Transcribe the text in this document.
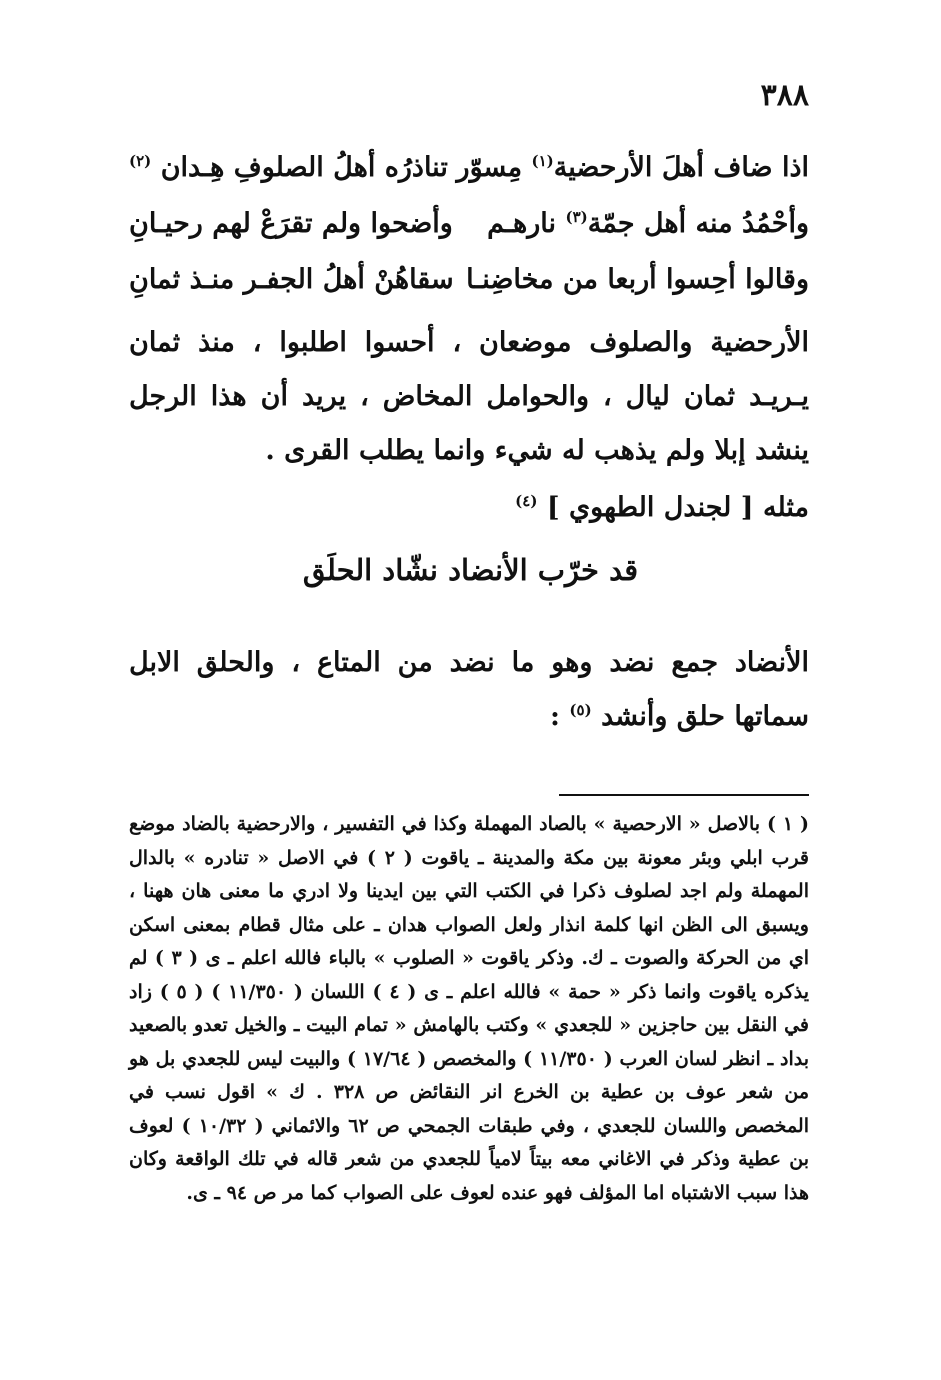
٣٨٨
اذا ضاف أهلَ الأرحضية$^{(١)}$ مِسوّر
تناذرُه أهلُ الصلوفِ هِـدان $^{(٢)}$
وأحْمُدُ منه أهل جمّة$^{(٣)}$ نارهـم
وأضحوا ولم تقرَعْ لهم رحيـانِ
وقالوا أحِسوا أربعا من مخاضِنـا
سقاهُنْ أهلُ الجفـر منـذ ثمانِ
الأرحضية والصلوف موضعان ، أحسوا اطلبوا ، منذ ثمان يـريـد ثمان ليال ، والحوامل المخاض ، يريد أن هذا الرجل ينشد إبلا ولم يذهب له شيء وانما يطلب القرى .
مثله [ لجندل الطهوي ] $^{(٤)}$
قد خرّب الأنضاد نشّاد الحلَق
الأنضاد جمع نضد وهو ما نضد من المتاع ، والحلق الابل سماتها حلق وأنشد $^{(٥)}$ :
( ١ ) بالاصل « الارحصية » بالصاد المهملة وكذا في التفسير ، والارحضية بالضاد موضع قرب ابلي وبئر معونة بين مكة والمدينة ـ ياقوت ( ٢ ) في الاصل « تنادره » بالدال المهملة ولم اجد لصلوف ذكرا في الكتب التي بين ايدينا ولا ادري ما معنى هان ههنا ، ويسبق الى الظن انها كلمة انذار ولعل الصواب هدان ـ على مثال قطام بمعنى اسكن اي من الحركة والصوت ـ ك. وذكر ياقوت « الصلوب » بالباء فالله اعلم ـ ى ( ٣ ) لم يذكره ياقوت وانما ذكر « حمة » فالله اعلم ـ ى ( ٤ ) اللسان ( ١١/٣٥٠ ) ( ٥ ) زاد في النقل بين حاجزين « للجعدي » وكتب بالهامش « تمام البيت ـ والخيل تعدو بالصعيد بداد ـ انظر لسان العرب ( ١١/٣٥٠ ) والمخصص ( ١٧/٦٤ ) والبيت ليس للجعدي بل هو من شعر عوف بن عطية بن الخرع انر النقائض ص ٣٢٨ . ك » اقول نسب في المخصص واللسان للجعدي ، وفي طبقات الجمحي ص ٦٢ والائماني ( ١٠/٣٢ ) لعوف بن عطية وذكر في الاغاني معه بيتاً لامياً للجعدي من شعر قاله في تلك الواقعة وكان هذا سبب الاشتباه اما المؤلف فهو عنده لعوف على الصواب كما مر ص ٩٤ ـ ى.
